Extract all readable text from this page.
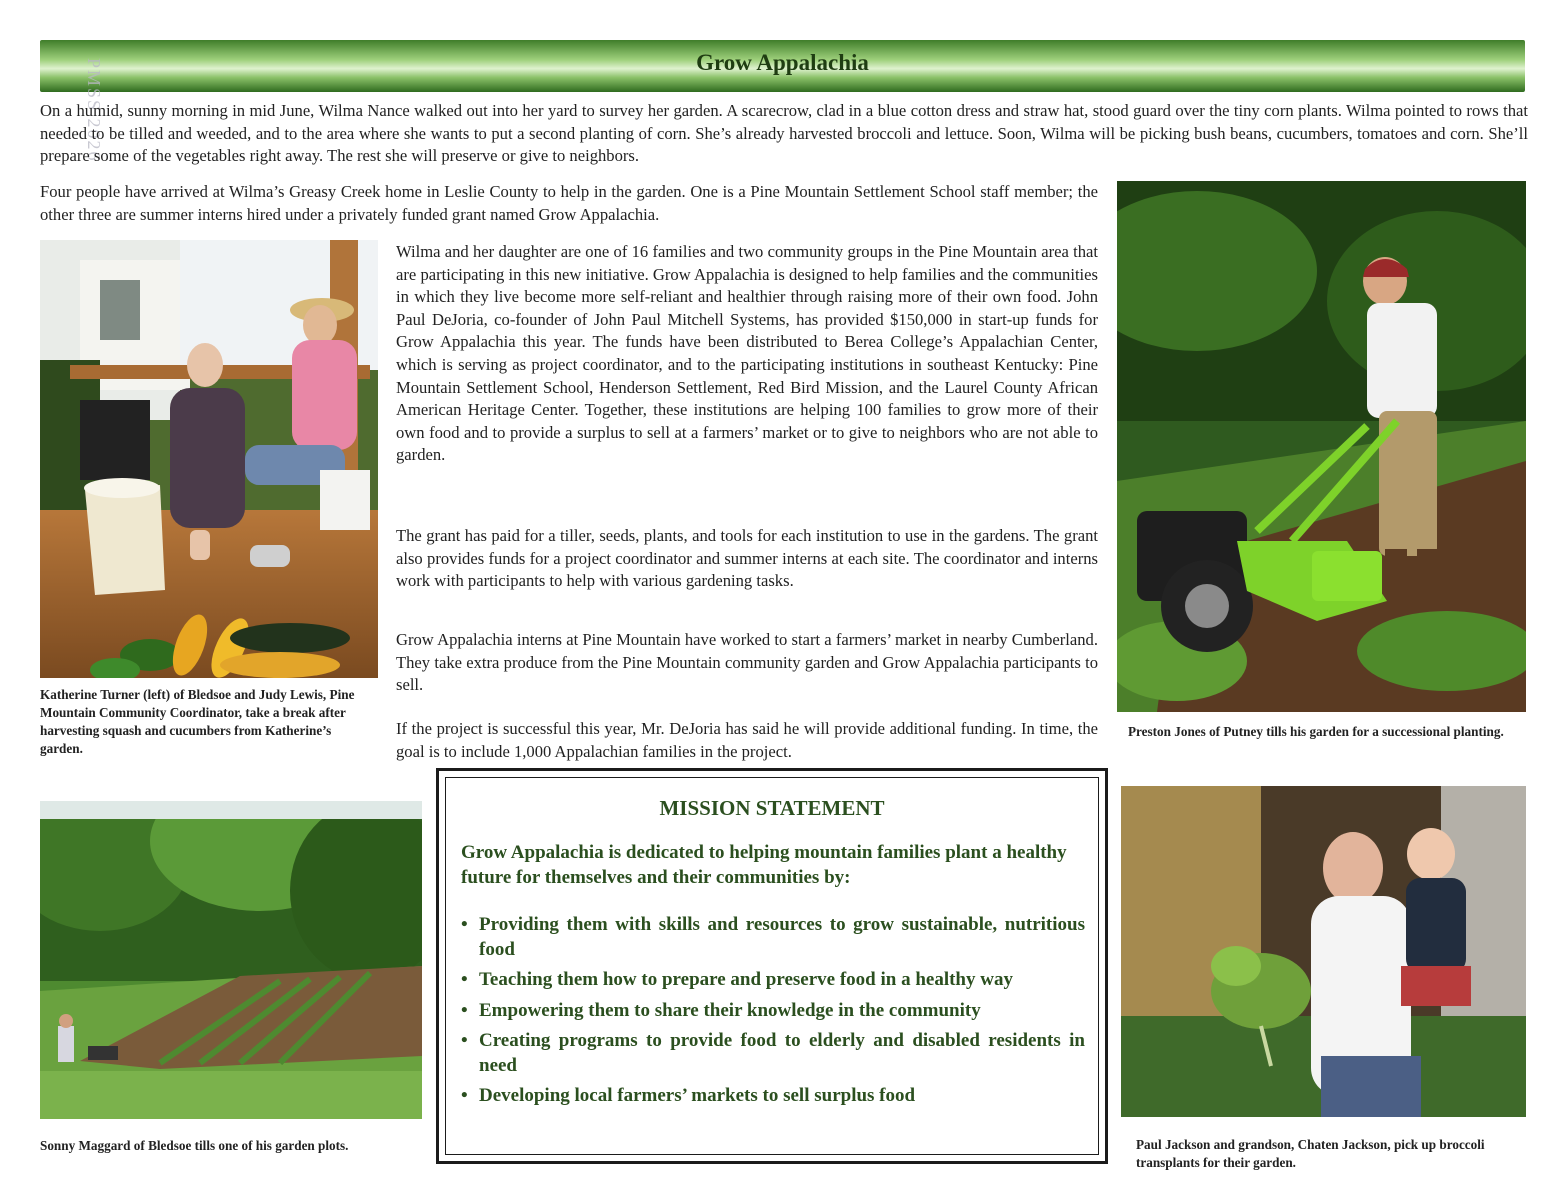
Grow Appalachia
PMSS 2026

On a humid, sunny morning in mid June, Wilma Nance walked out into her yard to survey her garden. A scarecrow, clad in a blue cotton dress and straw hat, stood guard over the tiny corn plants. Wilma pointed to rows that needed to be tilled and weeded, and to the area where she wants to put a second planting of corn. She’s already harvested broccoli and lettuce. Soon, Wilma will be picking bush beans, cucumbers, tomatoes and corn. She’ll prepare some of the vegetables right away. The rest she will preserve or give to neighbors.

Four people have arrived at Wilma’s Greasy Creek home in Leslie County to help in the garden. One is a Pine Mountain Settlement School staff member; the other three are summer interns hired under a privately funded grant named Grow Appalachia.

Katherine Turner (left) of Bledsoe and Judy Lewis, Pine Mountain Community Coordinator, take a break after harvesting squash and cucumbers from Katherine’s garden.

Wilma and her daughter are one of 16 families and two community groups in the Pine Mountain area that are participating in this new initiative. Grow Appalachia is designed to help families and the communities in which they live become more self-reliant and healthier through raising more of their own food. John Paul DeJoria, co-founder of John Paul Mitchell Systems, has provided $150,000 in start-up funds for Grow Appalachia this year. The funds have been distributed to Berea College’s Appalachian Center, which is serving as project coordinator, and to the participating institutions in southeast Kentucky: Pine Mountain Settlement School, Henderson Settlement, Red Bird Mission, and the Laurel County African American Heritage Center. Together, these institutions are helping 100 families to grow more of their own food and to provide a surplus to sell at a farmers’ market or to give to neighbors who are not able to garden.

The grant has paid for a tiller, seeds, plants, and tools for each institution to use in the gardens. The grant also provides funds for a project coordinator and summer interns at each site. The coordinator and interns work with participants to help with various gardening tasks.

Grow Appalachia interns at Pine Mountain have worked to start a farmers’ market in nearby Cumberland. They take extra produce from the Pine Mountain community garden and Grow Appalachia participants to sell.

If the project is successful this year, Mr. DeJoria has said he will provide additional funding. In time, the goal is to include 1,000 Appalachian families in the project.

Preston Jones of Putney tills his garden for a successional planting.

Sonny Maggard of Bledsoe tills one of his garden plots.

MISSION STATEMENT

Grow Appalachia is dedicated to helping mountain families plant a healthy future for themselves and their communities by:

• Providing them with skills and resources to grow sustainable, nutritious food
• Teaching them how to prepare and preserve food in a healthy way
• Empowering them to share their knowledge in the community
• Creating programs to provide food to elderly and disabled residents in need
• Developing local farmers’ markets to sell surplus food

Paul Jackson and grandson, Chaten Jackson, pick up broccoli transplants for their garden.
